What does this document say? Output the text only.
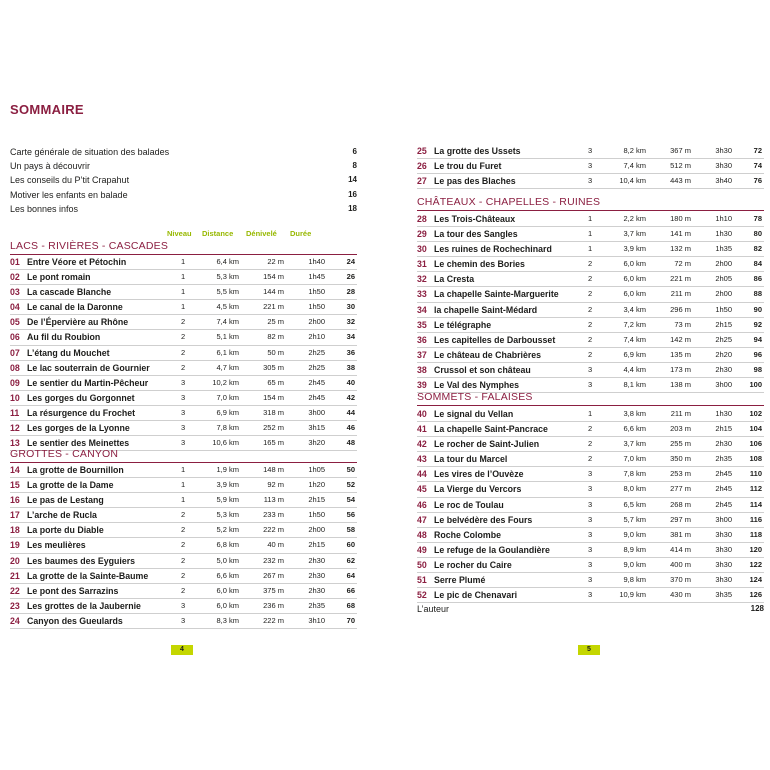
SOMMAIRE
Carte générale de situation des balades	6
Un pays à découvrir	8
Les conseils du P’tit Crapahut	14
Motiver les enfants en balade	16
Les bonnes infos	18
Niveau Distance Dénivelé Durée
LACS - RIVIÈRES - CASCADES
01 Entre Véore et Pétochin	1	6,4 km	22 m	1h40	24
02 Le pont romain	1	5,3 km	154 m	1h45	26
03 La cascade Blanche	1	5,5 km	144 m	1h50	28
04 Le canal de la Daronne	1	4,5 km	221 m	1h50	30
05 De l’Épervière au Rhône	2	7,4 km	25 m	2h00	32
06 Au fil du Roubion	2	5,1 km	82 m	2h10	34
07 L’étang du Mouchet	2	6,1 km	50 m	2h25	36
08 Le lac souterrain de Gournier	2	4,7 km	305 m	2h25	38
09 Le sentier du Martin-Pêcheur	3	10,2 km	65 m	2h45	40
10 Les gorges du Gorgonnet	3	7,0 km	154 m	2h45	42
11 La résurgence du Frochet	3	6,9 km	318 m	3h00	44
12 Les gorges de la Lyonne	3	7,8 km	252 m	3h15	46
13 Le sentier des Meinettes	3	10,6 km	165 m	3h20	48
GROTTES - CANYON
14 La grotte de Bournillon	1	1,9 km	148 m	1h05	50
15 La grotte de la Dame	1	3,9 km	92 m	1h20	52
16 Le pas de Lestang	1	5,9 km	113 m	2h15	54
17 L’arche de Rucla	2	5,3 km	233 m	1h50	56
18 La porte du Diable	2	5,2 km	222 m	2h00	58
19 Les meulières	2	6,8 km	40 m	2h15	60
20 Les baumes des Eyguiers	2	5,0 km	232 m	2h30	62
21 La grotte de la Sainte-Baume	2	6,6 km	267 m	2h30	64
22 Le pont des Sarrazins	2	6,0 km	375 m	2h30	66
23 Les grottes de la Jaubernie	3	6,0 km	236 m	2h35	68
24 Canyon des Gueulards	3	8,3 km	222 m	3h10	70
4
25 La grotte des Ussets	3	8,2 km	367 m	3h30	72
26 Le trou du Furet	3	7,4 km	512 m	3h30	74
27 Le pas des Blaches	3	10,4 km	443 m	3h40	76
CHÂTEAUX - CHAPELLES - RUINES
28 Les Trois-Châteaux	1	2,2 km	180 m	1h10	78
29 La tour des Sangles	1	3,7 km	141 m	1h30	80
30 Les ruines de Rochechinard	1	3,9 km	132 m	1h35	82
31 Le chemin des Bories	2	6,0 km	72 m	2h00	84
32 La Cresta	2	6,0 km	221 m	2h05	86
33 La chapelle Sainte-Marguerite	2	6,0 km	211 m	2h00	88
34 la chapelle Saint-Médard	2	3,4 km	296 m	1h50	90
35 Le télégraphe	2	7,2 km	73 m	2h15	92
36 Les capitelles de Darbousset	2	7,4 km	142 m	2h25	94
37 Le château de Chabrières	2	6,9 km	135 m	2h20	96
38 Crussol et son château	3	4,4 km	173 m	2h30	98
39 Le Val des Nymphes	3	8,1 km	138 m	3h00 100
SOMMETS - FALAISES
40 Le signal du Vellan	1	3,8 km	211 m	1h30 102
41 La chapelle Saint-Pancrace	2	6,6 km	203 m	2h15 104
42 Le rocher de Saint-Julien	2	3,7 km	255 m	2h30 106
43 La tour du Marcel	2	7,0 km	350 m	2h35 108
44 Les vires de l’Ouvèze	3	7,8 km	253 m	2h45 110
45 La Vierge du Vercors	3	8,0 km	277 m	2h45 112
46 Le roc de Toulau	3	6,5 km	268 m	2h45 114
47 Le belvédère des Fours	3	5,7 km	297 m	3h00 116
48 Roche Colombe	3	9,0 km	381 m	3h30 118
49 Le refuge de la Goulandière	3	8,9 km	414 m	3h30 120
50 Le rocher du Caire	3	9,0 km	400 m	3h30 122
51 Serre Plumé	3	9,8 km	370 m	3h30 124
52 Le pic de Chenavari	3	10,9 km	430 m	3h35 126
L’auteur	128
5
